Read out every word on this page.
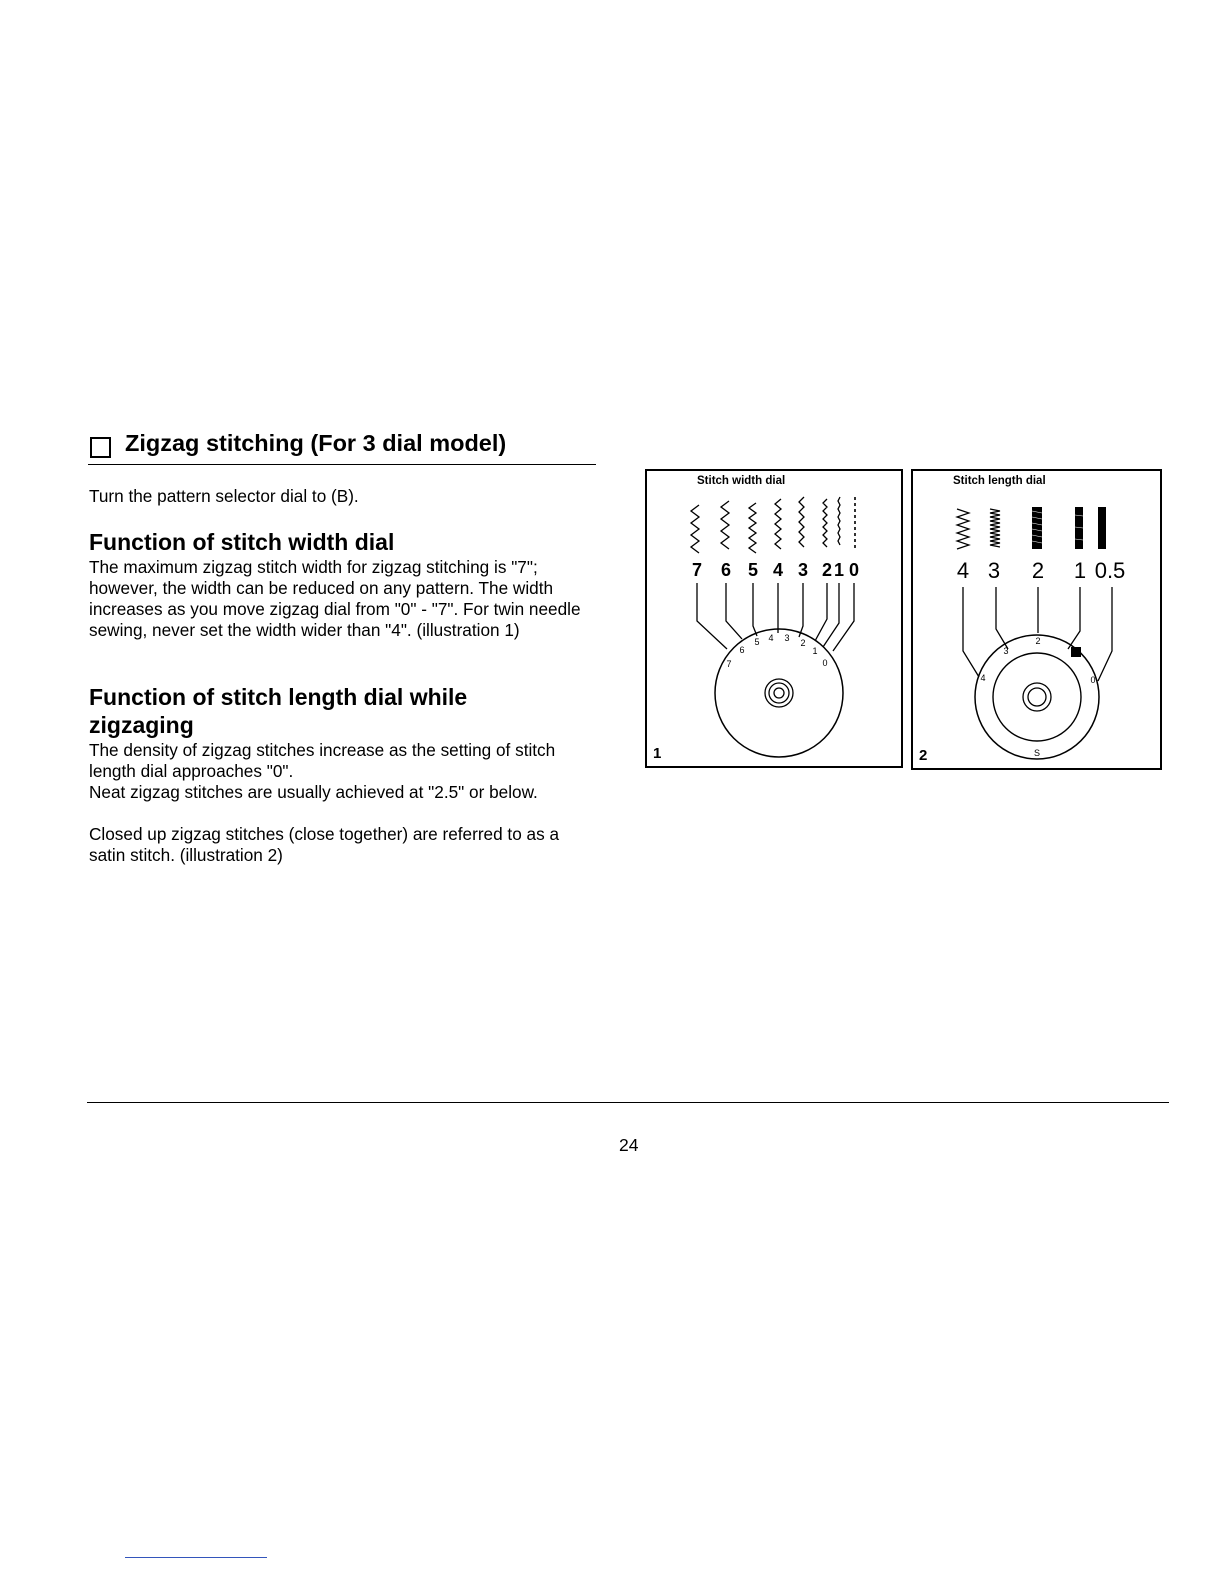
Zigzag stitching (For 3 dial model)

Turn the pattern selector dial to (B).

Function of stitch width dial

The maximum zigzag stitch width for zigzag stitching is "7"; however, the width can be reduced on any pattern. The width increases as you move zigzag dial from "0" - "7". For twin needle sewing, never set the width wider than "4". (illustration 1)

Function of stitch length dial while zigzaging

The density of zigzag stitches increase as the setting of stitch length dial approaches "0".

Neat zigzag stitches are usually achieved at "2.5" or below.

Closed up zigzag stitches (close together) are referred to as a satin stitch. (illustration 2)

7 6 5 4 3 2 1 0
7
6
5 4 3 2
1
0
Stitch width dial
1
4 3 2 1 0.5
4
3
2
0
S
Stitch length dial
2
24
